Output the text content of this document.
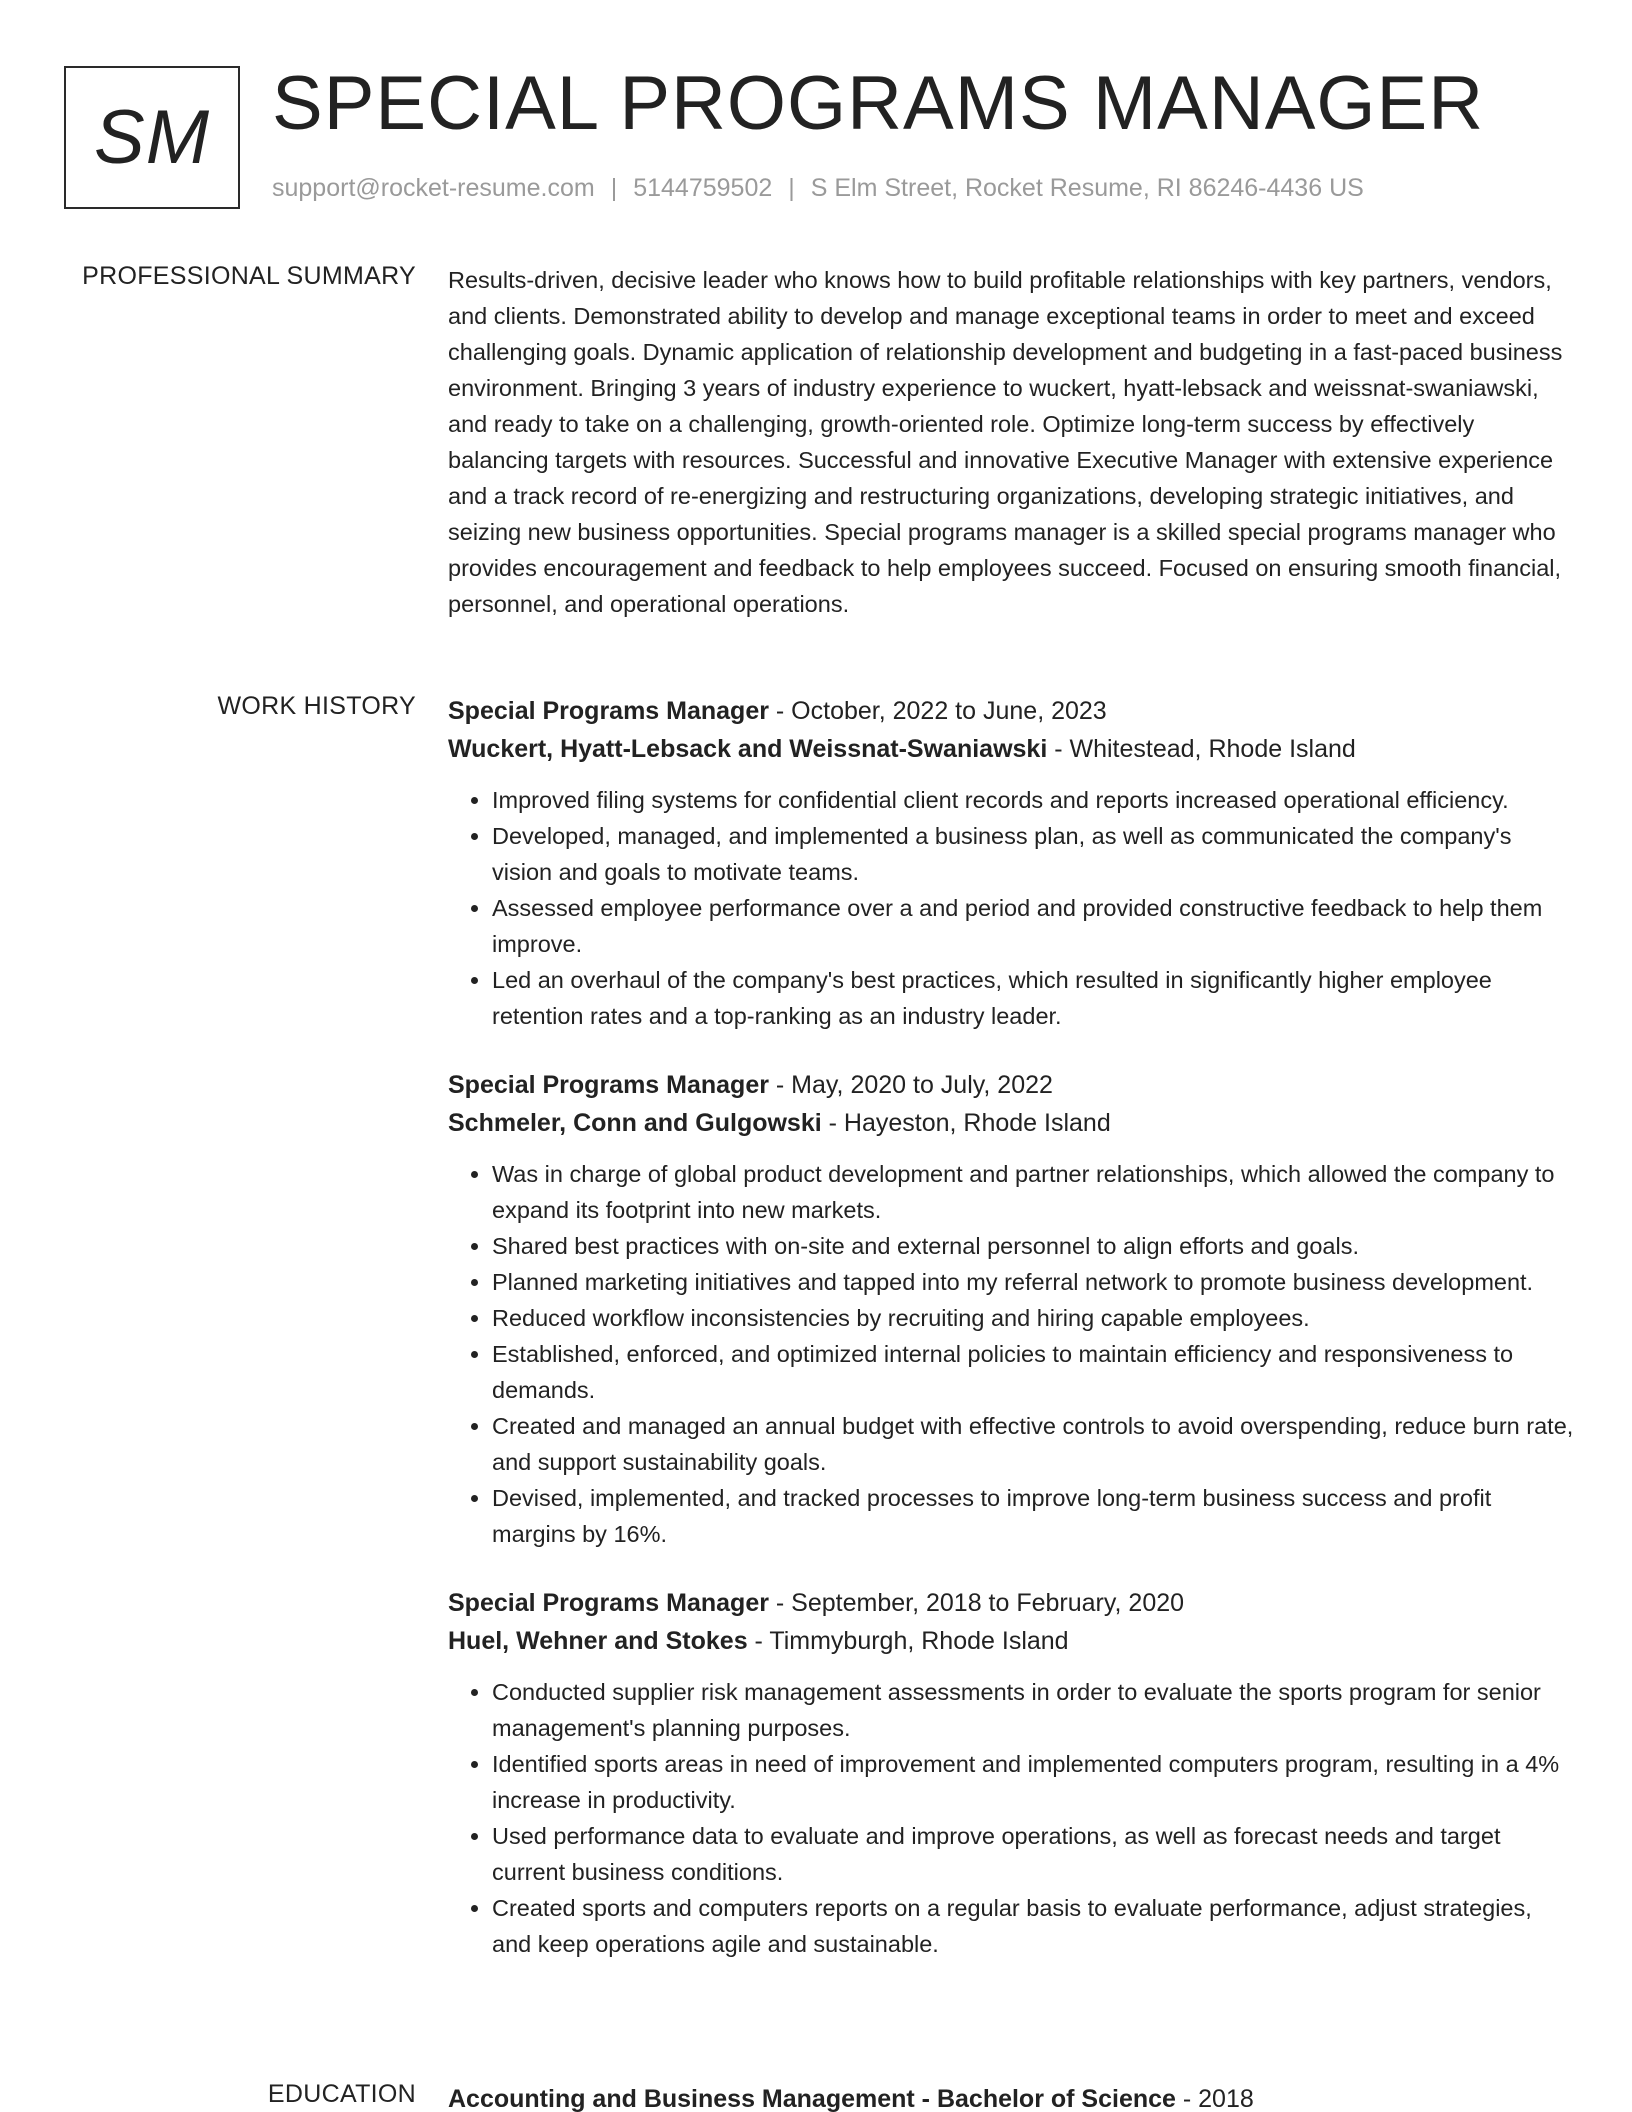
SM SPECIAL PROGRAMS MANAGER
support@rocket-resume.com | 5144759502 | S Elm Street, Rocket Resume, RI 86246-4436 US
PROFESSIONAL SUMMARY Results-driven, decisive leader who knows how to build profitable relationships with key partners, vendors, and clients. Demonstrated ability to develop and manage exceptional teams in order to meet and exceed challenging goals. Dynamic application of relationship development and budgeting in a fast-paced business environment. Bringing 3 years of industry experience to wuckert, hyatt-lebsack and weissnat-swaniawski, and ready to take on a challenging, growth-oriented role. Optimize long-term success by effectively balancing targets with resources. Successful and innovative Executive Manager with extensive experience and a track record of re-energizing and restructuring organizations, developing strategic initiatives, and seizing new business opportunities. Special programs manager is a skilled special programs manager who provides encouragement and feedback to help employees succeed. Focused on ensuring smooth financial, personnel, and operational operations.
WORK HISTORY Special Programs Manager - October, 2022 to June, 2023
Wuckert, Hyatt-Lebsack and Weissnat-Swaniawski - Whitestead, Rhode Island
• Improved filing systems for confidential client records and reports increased operational efficiency.
• Developed, managed, and implemented a business plan, as well as communicated the company's vision and goals to motivate teams.
• Assessed employee performance over a and period and provided constructive feedback to help them improve.
• Led an overhaul of the company's best practices, which resulted in significantly higher employee retention rates and a top-ranking as an industry leader.
Special Programs Manager - May, 2020 to July, 2022
Schmeler, Conn and Gulgowski - Hayeston, Rhode Island
• Was in charge of global product development and partner relationships, which allowed the company to expand its footprint into new markets.
• Shared best practices with on-site and external personnel to align efforts and goals.
• Planned marketing initiatives and tapped into my referral network to promote business development.
• Reduced workflow inconsistencies by recruiting and hiring capable employees.
• Established, enforced, and optimized internal policies to maintain efficiency and responsiveness to demands.
• Created and managed an annual budget with effective controls to avoid overspending, reduce burn rate, and support sustainability goals.
• Devised, implemented, and tracked processes to improve long-term business success and profit margins by 16%.
Special Programs Manager - September, 2018 to February, 2020
Huel, Wehner and Stokes - Timmyburgh, Rhode Island
• Conducted supplier risk management assessments in order to evaluate the sports program for senior management's planning purposes.
• Identified sports areas in need of improvement and implemented computers program, resulting in a 4% increase in productivity.
• Used performance data to evaluate and improve operations, as well as forecast needs and target current business conditions.
• Created sports and computers reports on a regular basis to evaluate performance, adjust strategies, and keep operations agile and sustainable.
EDUCATION Accounting and Business Management - Bachelor of Science - 2018
